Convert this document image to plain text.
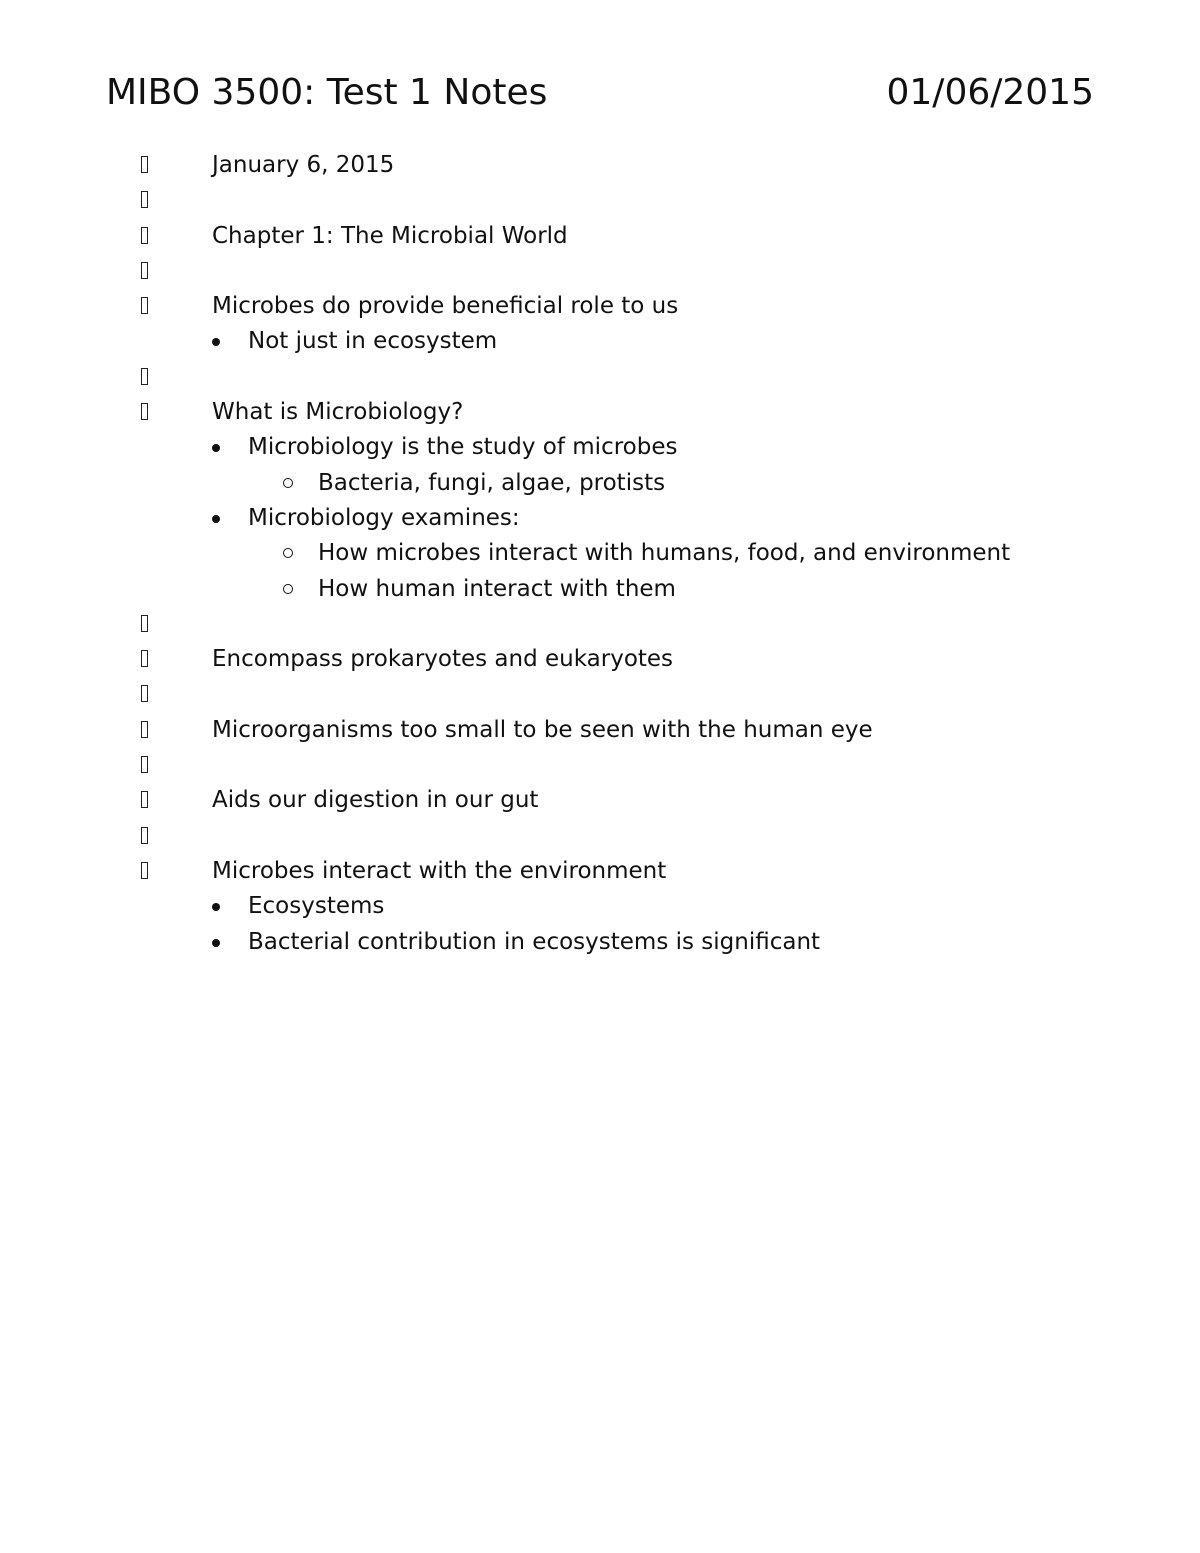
MIBO 3500: Test 1 Notes	01/06/2015
January 6, 2015
Chapter 1: The Microbial World
Microbes do provide beneficial role to us
Not just in ecosystem
What is Microbiology?
Microbiology is the study of microbes
Bacteria, fungi, algae, protists
Microbiology examines:
How microbes interact with humans, food, and environment
How human interact with them
Encompass prokaryotes and eukaryotes
Microorganisms too small to be seen with the human eye
Aids our digestion in our gut
Microbes interact with the environment
Ecosystems
Bacterial contribution in ecosystems is significant
